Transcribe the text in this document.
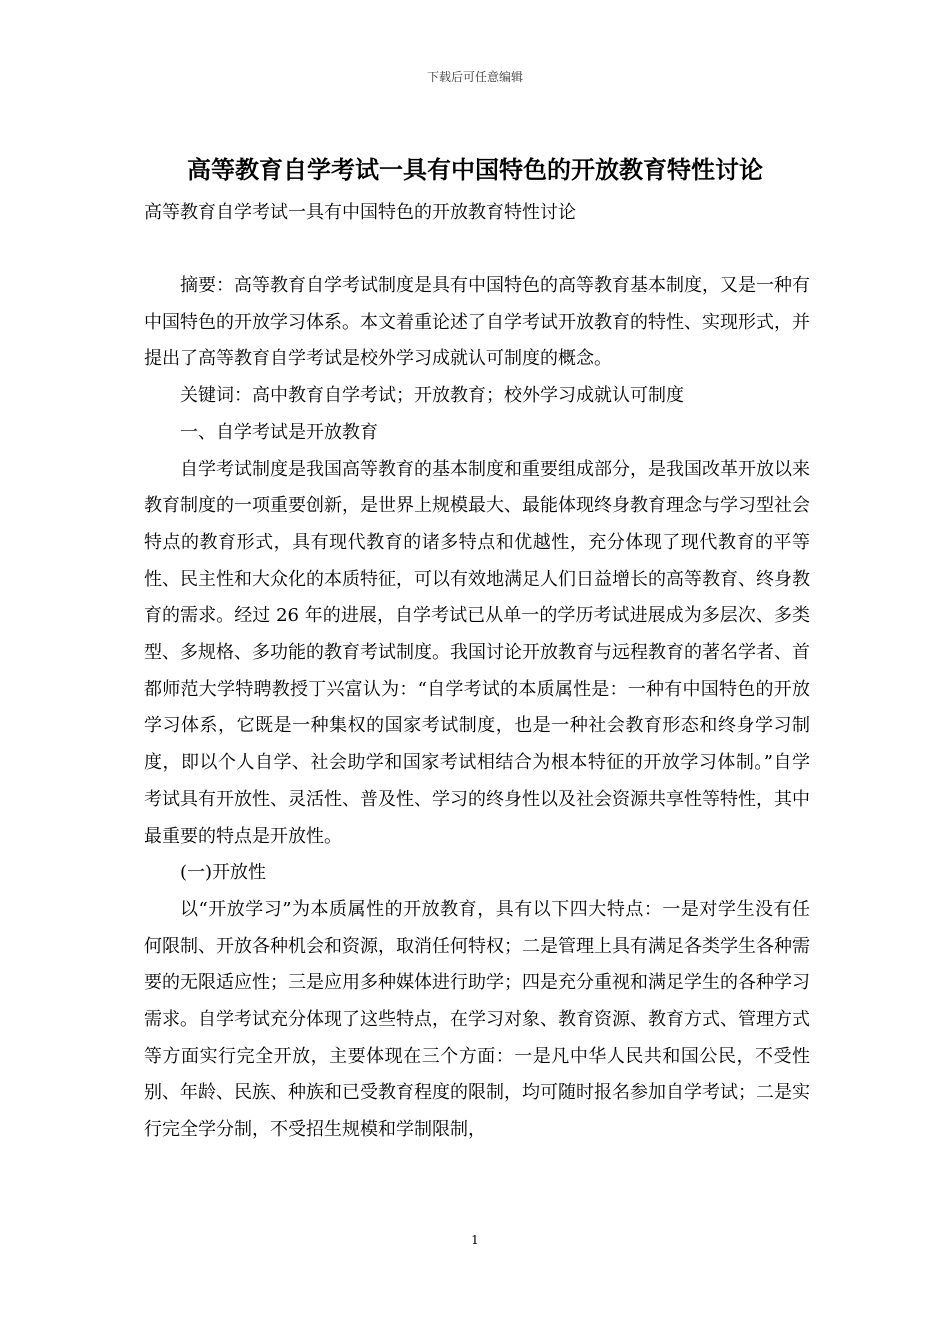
下载后可任意编辑
高等教育自学考试一具有中国特色的开放教育特性讨论
高等教育自学考试一具有中国特色的开放教育特性讨论

摘要：高等教育自学考试制度是具有中国特色的高等教育基本制度，又是一种有中国特色的开放学习体系。本文着重论述了自学考试开放教育的特性、实现形式，并提出了高等教育自学考试是校外学习成就认可制度的概念。

关键词：高中教育自学考试；开放教育；校外学习成就认可制度

一、自学考试是开放教育

自学考试制度是我国高等教育的基本制度和重要组成部分，是我国改革开放以来教育制度的一项重要创新，是世界上规模最大、最能体现终身教育理念与学习型社会特点的教育形式，具有现代教育的诸多特点和优越性，充分体现了现代教育的平等性、民主性和大众化的本质特征，可以有效地满足人们日益增长的高等教育、终身教育的需求。经过 26 年的进展，自学考试已从单一的学历考试进展成为多层次、多类型、多规格、多功能的教育考试制度。我国讨论开放教育与远程教育的著名学者、首都师范大学特聘教授丁兴富认为：“自学考试的本质属性是：一种有中国特色的开放学习体系，它既是一种集权的国家考试制度，也是一种社会教育形态和终身学习制度，即以个人自学、社会助学和国家考试相结合为根本特征的开放学习体制。”自学考试具有开放性、灵活性、普及性、学习的终身性以及社会资源共享性等特性，其中最重要的特点是开放性。

(一)开放性

以“开放学习”为本质属性的开放教育，具有以下四大特点：一是对学生没有任何限制、开放各种机会和资源，取消任何特权；二是管理上具有满足各类学生各种需要的无限适应性；三是应用多种媒体进行助学；四是充分重视和满足学生的各种学习需求。自学考试充分体现了这些特点，在学习对象、教育资源、教育方式、管理方式等方面实行完全开放，主要体现在三个方面：一是凡中华人民共和国公民，不受性别、年龄、民族、种族和已受教育程度的限制，均可随时报名参加自学考试；二是实行完全学分制，不受招生规模和学制限制，

1
